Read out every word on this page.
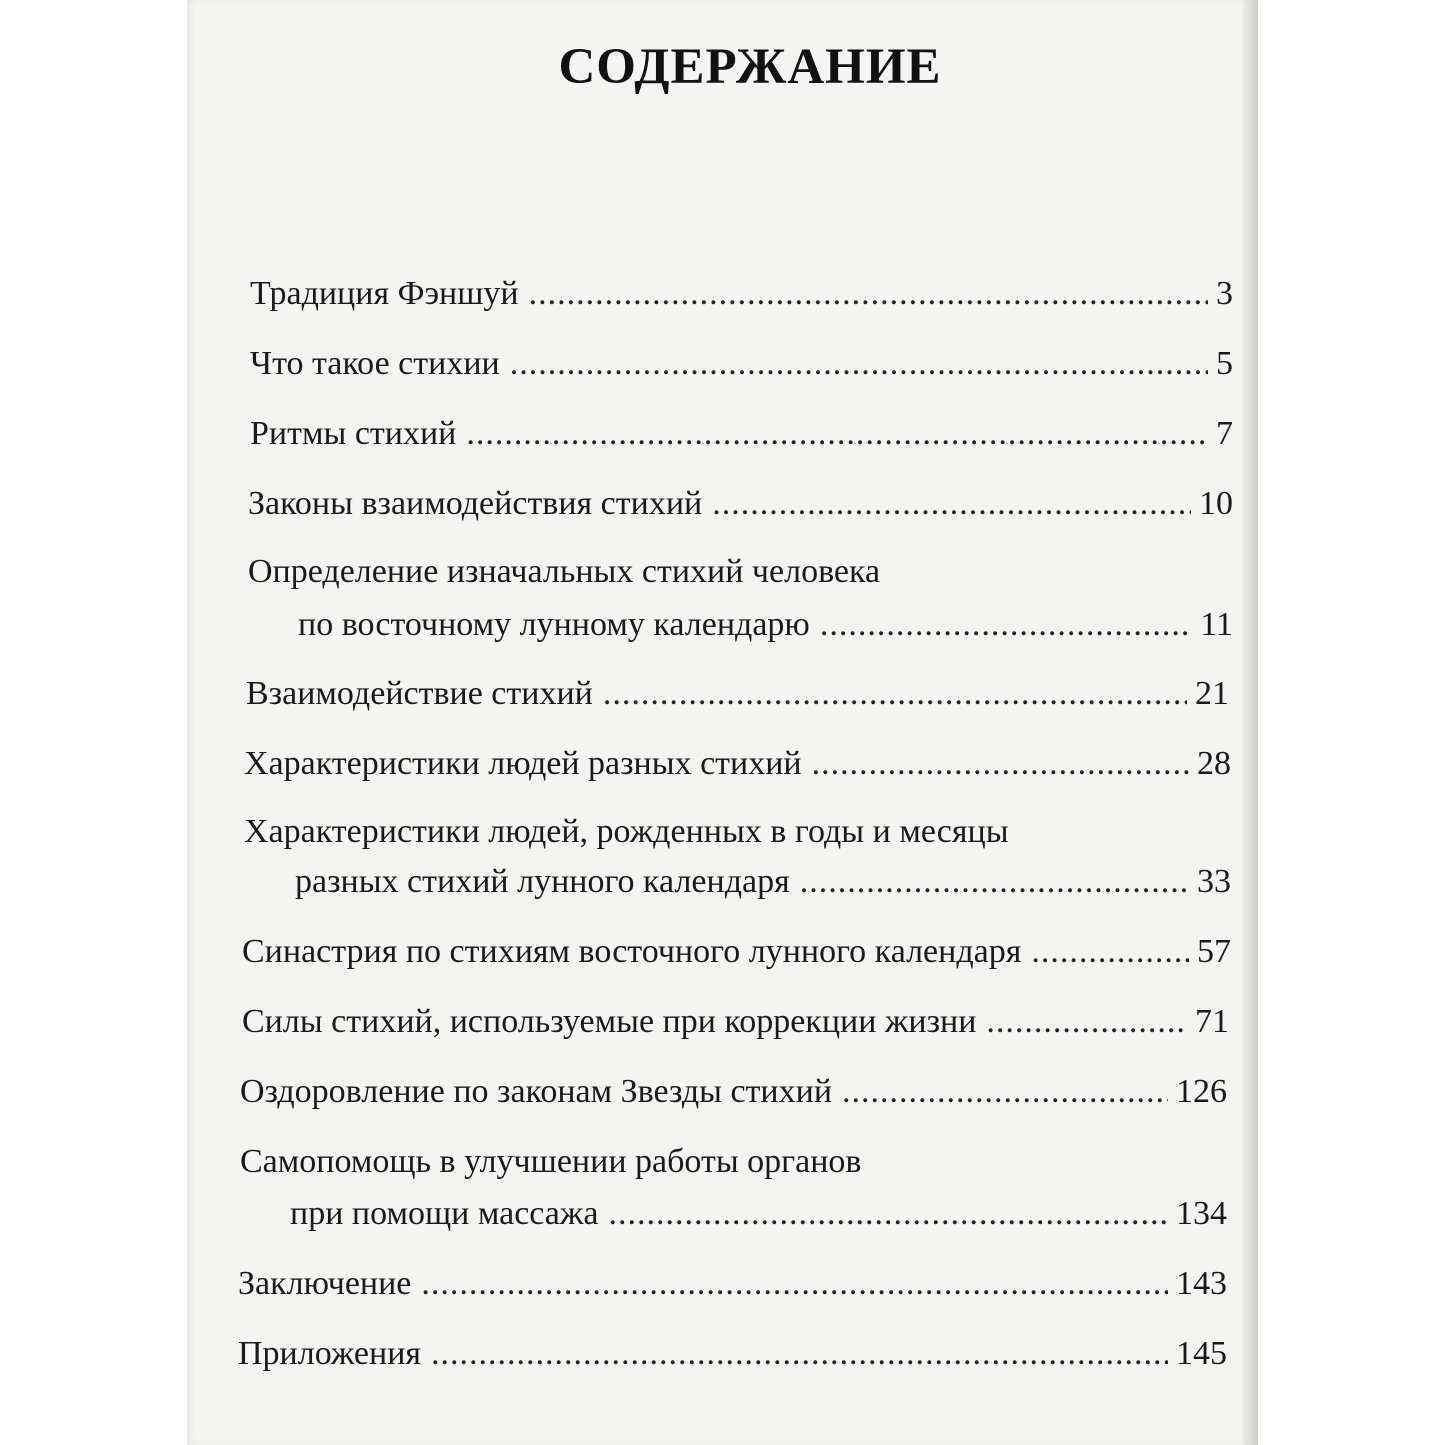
СОДЕРЖАНИЕ
Традиция Фэншуй .....	3
Что такое стихии .....	5
Ритмы стихий .....	7
Законы взаимодействия стихий .....	10
Определение изначальных стихий человека
по восточному лунному календарю .....	11
Взаимодействие стихий .....	21
Характеристики людей разных стихий .....	28
Характеристики людей, рожденных в годы и месяцы
разных стихий лунного календаря .....	33
Синастрия по стихиям восточного лунного календаря .....	57
Силы стихий, используемые при коррекции жизни .....	71
Оздоровление по законам Звезды стихий .....	126
Самопомощь в улучшении работы органов
при помощи массажа .....	134
Заключение .....	143
Приложения .....	145
